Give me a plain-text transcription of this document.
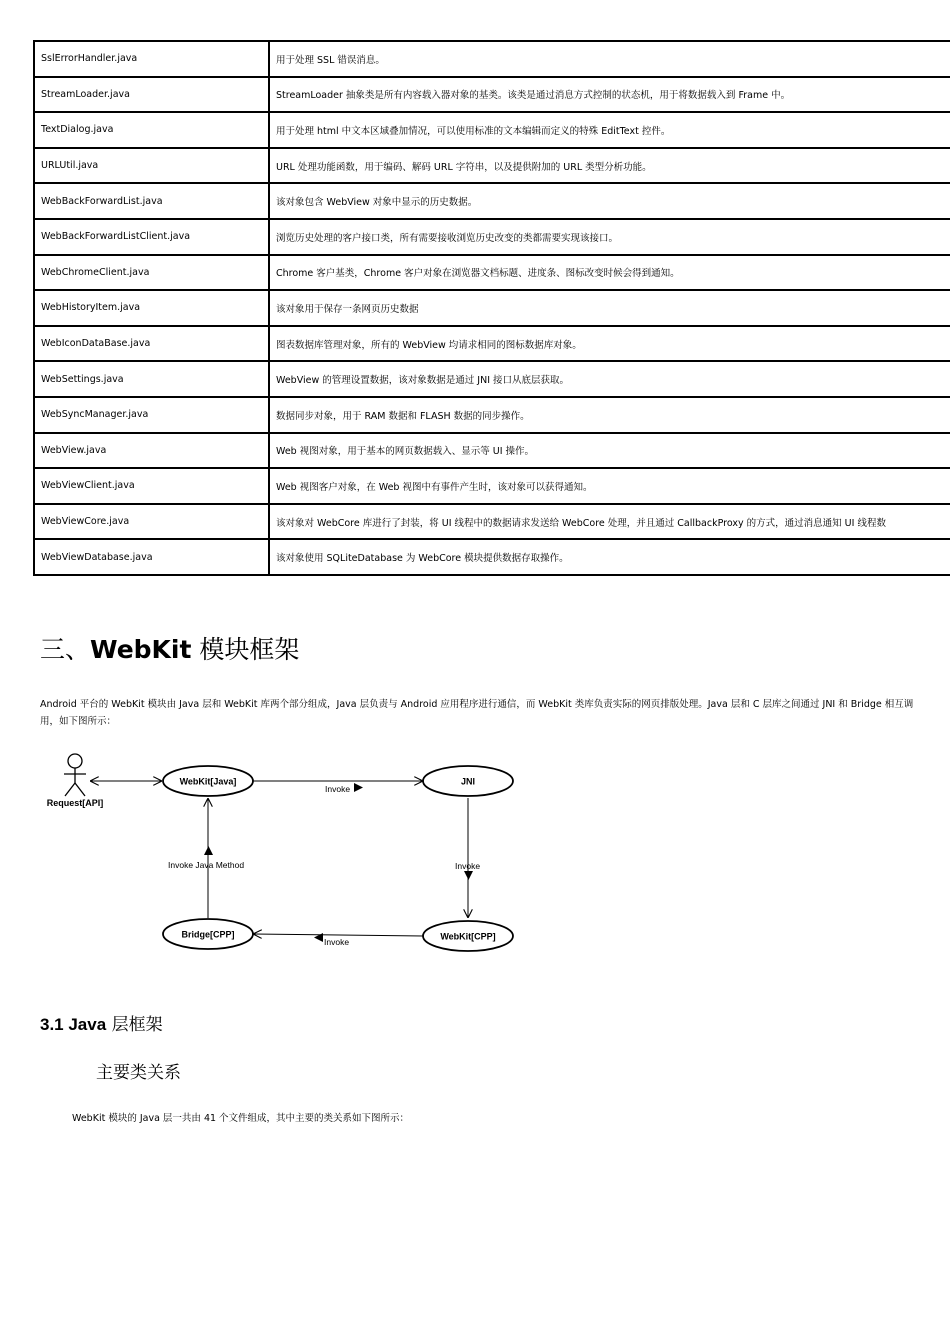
SslErrorHandler.java	用于处理 SSL 错误消息。
StreamLoader.java	StreamLoader 抽象类是所有内容载入器对象的基类。该类是通过消息方式控制的状态机，用于将数据载入到 Frame 中。
TextDialog.java	用于处理 html 中文本区域叠加情况，可以使用标准的文本编辑而定义的特殊 EditText 控件。
URLUtil.java	URL 处理功能函数，用于编码、解码 URL 字符串，以及提供附加的 URL 类型分析功能。
WebBackForwardList.java	该对象包含 WebView 对象中显示的历史数据。
WebBackForwardListClient.java	浏览历史处理的客户接口类，所有需要接收浏览历史改变的类都需要实现该接口。
WebChromeClient.java	Chrome 客户基类，Chrome 客户对象在浏览器文档标题、进度条、图标改变时候会得到通知。
WebHistoryItem.java	该对象用于保存一条网页历史数据
WebIconDataBase.java	图表数据库管理对象，所有的 WebView 均请求相同的图标数据库对象。
WebSettings.java	WebView 的管理设置数据，该对象数据是通过 JNI 接口从底层获取。
WebSyncManager.java	数据同步对象，用于 RAM 数据和 FLASH 数据的同步操作。
WebView.java	Web 视图对象，用于基本的网页数据载入、显示等 UI 操作。
WebViewClient.java	Web 视图客户对象，在 Web 视图中有事件产生时，该对象可以获得通知。
WebViewCore.java	该对象对 WebCore 库进行了封装，将 UI 线程中的数据请求发送给 WebCore 处理，并且通过 CallbackProxy 的方式，通过消息通知 UI 线程数
WebViewDatabase.java	该对象使用 SQLiteDatabase 为 WebCore 模块提供数据存取操作。
三、WebKit 模块框架

Android 平台的 WebKit 模块由 Java 层和 WebKit 库两个部分组成，Java 层负责与 Android 应用程序进行通信，而 WebKit 类库负责实际的网页排版处理。Java 层和 C 层库之间通过 JNI 和 Bridge 相互调用，如下图所示：

Request[API]
WebKit[Java]	JNI
Bridge[CPP]	WebKit[CPP]
Invoke
Invoke
Invoke
Invoke Java Method
3.1 Java 层框架
主要类关系

WebKit 模块的 Java 层一共由 41 个文件组成，其中主要的类关系如下图所示：
